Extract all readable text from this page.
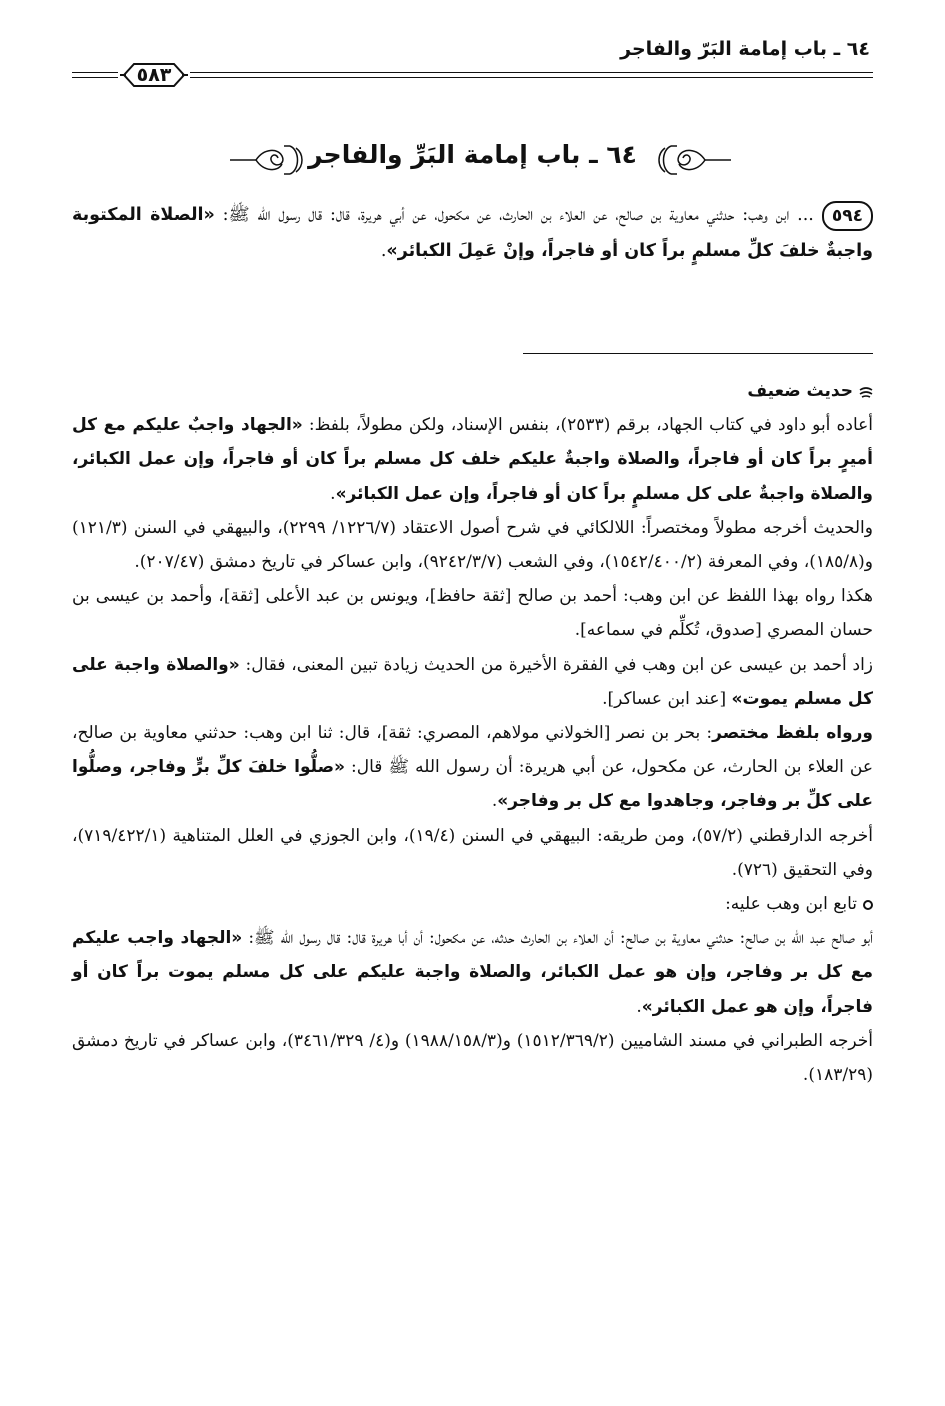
٦٤ ـ باب إمامة البَرّ والفاجر
٥٨٣
٦٤ ـ باب إمامة البَرِّ والفاجر
٥٩٤... ابن وهب: حدثني معاوية بن صالح، عن العلاء بن الحارث، عن مكحول، عن أبي هريرة، قال: قال رسول الله ﷺ: «الصلاة المكتوبة واجبةٌ خلفَ كلِّ مسلمٍ براً كان أو فاجراً، وإنْ عَمِلَ الكبائر».
حديث ضعيف
أعاده أبو داود في كتاب الجهاد، برقم (٢٥٣٣)، بنفس الإسناد، ولكن مطولاً، بلفظ: «الجهاد واجبٌ عليكم مع كل أميرٍ براً كان أو فاجراً، والصلاة واجبةٌ عليكم خلف كل مسلم براً كان أو فاجراً، وإن عمل الكبائر، والصلاة واجبةٌ على كل مسلمٍ براً كان أو فاجراً، وإن عمل الكبائر».
والحديث أخرجه مطولاً ومختصراً: اللالكائي في شرح أصول الاعتقاد (١٢٢٦/٧/ ٢٢٩٩)، والبيهقي في السنن (١٢١/٣) و(١٨٥/٨)، وفي المعرفة (١٥٤٢/٤٠٠/٢)، وفي الشعب (٩٢٤٢/٣/٧)، وابن عساكر في تاريخ دمشق (٢٠٧/٤٧).
هكذا رواه بهذا اللفظ عن ابن وهب: أحمد بن صالح [ثقة حافظ]، ويونس بن عبد الأعلى [ثقة]، وأحمد بن عيسى بن حسان المصري [صدوق، تُكلِّم في سماعه].
زاد أحمد بن عيسى عن ابن وهب في الفقرة الأخيرة من الحديث زيادة تبين المعنى، فقال: «والصلاة واجبة على كل مسلم يموت» [عند ابن عساكر].
ورواه بلفظ مختصر: بحر بن نصر [الخولاني مولاهم، المصري: ثقة]، قال: ثنا ابن وهب: حدثني معاوية بن صالح، عن العلاء بن الحارث، عن مكحول، عن أبي هريرة: أن رسول الله ﷺ قال: «صلُّوا خلفَ كلِّ برٍّ وفاجر، وصلُّوا على كلِّ بر وفاجر، وجاهدوا مع كل بر وفاجر».
أخرجه الدارقطني (٥٧/٢)، ومن طريقه: البيهقي في السنن (١٩/٤)، وابن الجوزي في العلل المتناهية (٧١٩/٤٢٢/١)، وفي التحقيق (٧٢٦).
تابع ابن وهب عليه:
أبو صالح عبد الله بن صالح: حدثني معاوية بن صالح: أن العلاء بن الحارث حدثه، عن مكحول: أن أبا هريرة قال: قال رسول الله ﷺ: «الجهاد واجب عليكم مع كل بر وفاجر، وإن هو عمل الكبائر، والصلاة واجبة عليكم على كل مسلم يموت براً كان أو فاجراً، وإن هو عمل الكبائر».
أخرجه الطبراني في مسند الشاميين (١٥١٢/٣٦٩/٢) و(١٩٨٨/١٥٨/٣) و(٤/ ٣٤٦١/٣٢٩)، وابن عساكر في تاريخ دمشق (١٨٣/٢٩).
